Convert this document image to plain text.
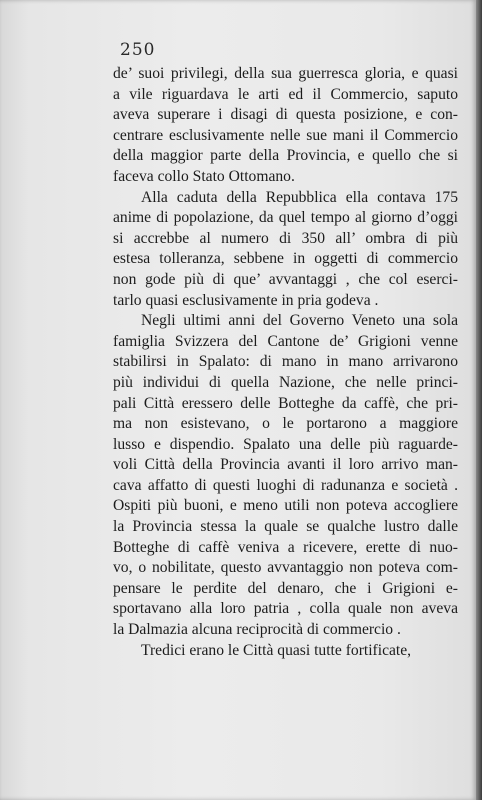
250
de’ suoi privilegi, della sua guerresca gloria, e quasi
a vile riguardava le arti ed il Commercio, saputo
aveva superare i disagi di questa posizione, e con-
centrare esclusivamente nelle sue mani il Commercio
della maggior parte della Provincia, e quello che si
faceva collo Stato Ottomano.
Alla caduta della Repubblica ella contava 175
anime di popolazione, da quel tempo al giorno d’oggi
si accrebbe al numero di 350 all’ ombra di più
estesa tolleranza, sebbene in oggetti di commercio
non gode più di que’ avvantaggi , che col eserci-
tarlo quasi esclusivamente in pria godeva .
Negli ultimi anni del Governo Veneto una sola
famiglia Svizzera del Cantone de’ Grigioni venne
stabilirsi in Spalato: di mano in mano arrivarono
più individui di quella Nazione, che nelle princi-
pali Città eressero delle Botteghe da caffè, che pri-
ma non esistevano, o le portarono a maggiore
lusso e dispendio. Spalato una delle più raguarde-
voli Città della Provincia avanti il loro arrivo man-
cava affatto di questi luoghi di radunanza e società .
Ospiti più buoni, e meno utili non poteva accogliere
la Provincia stessa la quale se qualche lustro dalle
Botteghe di caffè veniva a ricevere, erette di nuo-
vo, o nobilitate, questo avvantaggio non poteva com-
pensare le perdite del denaro, che i Grigioni e-
sportavano alla loro patria , colla quale non aveva
la Dalmazia alcuna reciprocità di commercio .
Tredici erano le Città quasi tutte fortificate,
